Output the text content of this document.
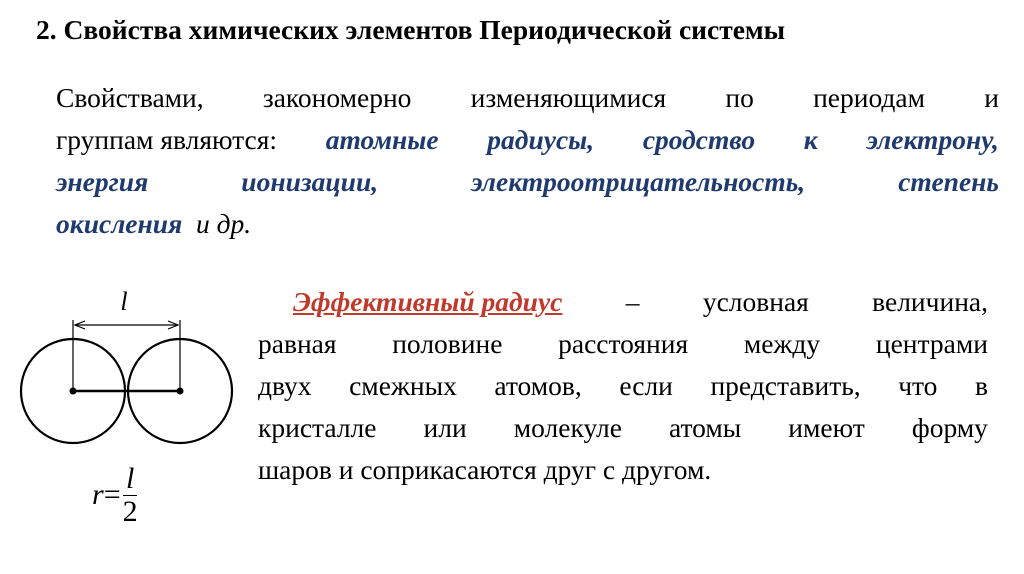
2. Свойства химических элементов Периодической системы
Свойствами, закономерно изменяющимися по периодам и
группам являются: атомные радиусы, сродство к электрону,
энергия	ионизации,	электроотрицательность,	степень
окисления
и др.
l
$r = \frac{l}{2}$
Эффективный радиус – условная величина,
равная половине расстояния между центрами
двух смежных атомов, если представить, что в
кристалле или молекуле атомы имеют форму
шаров и соприкасаются друг с другом.
